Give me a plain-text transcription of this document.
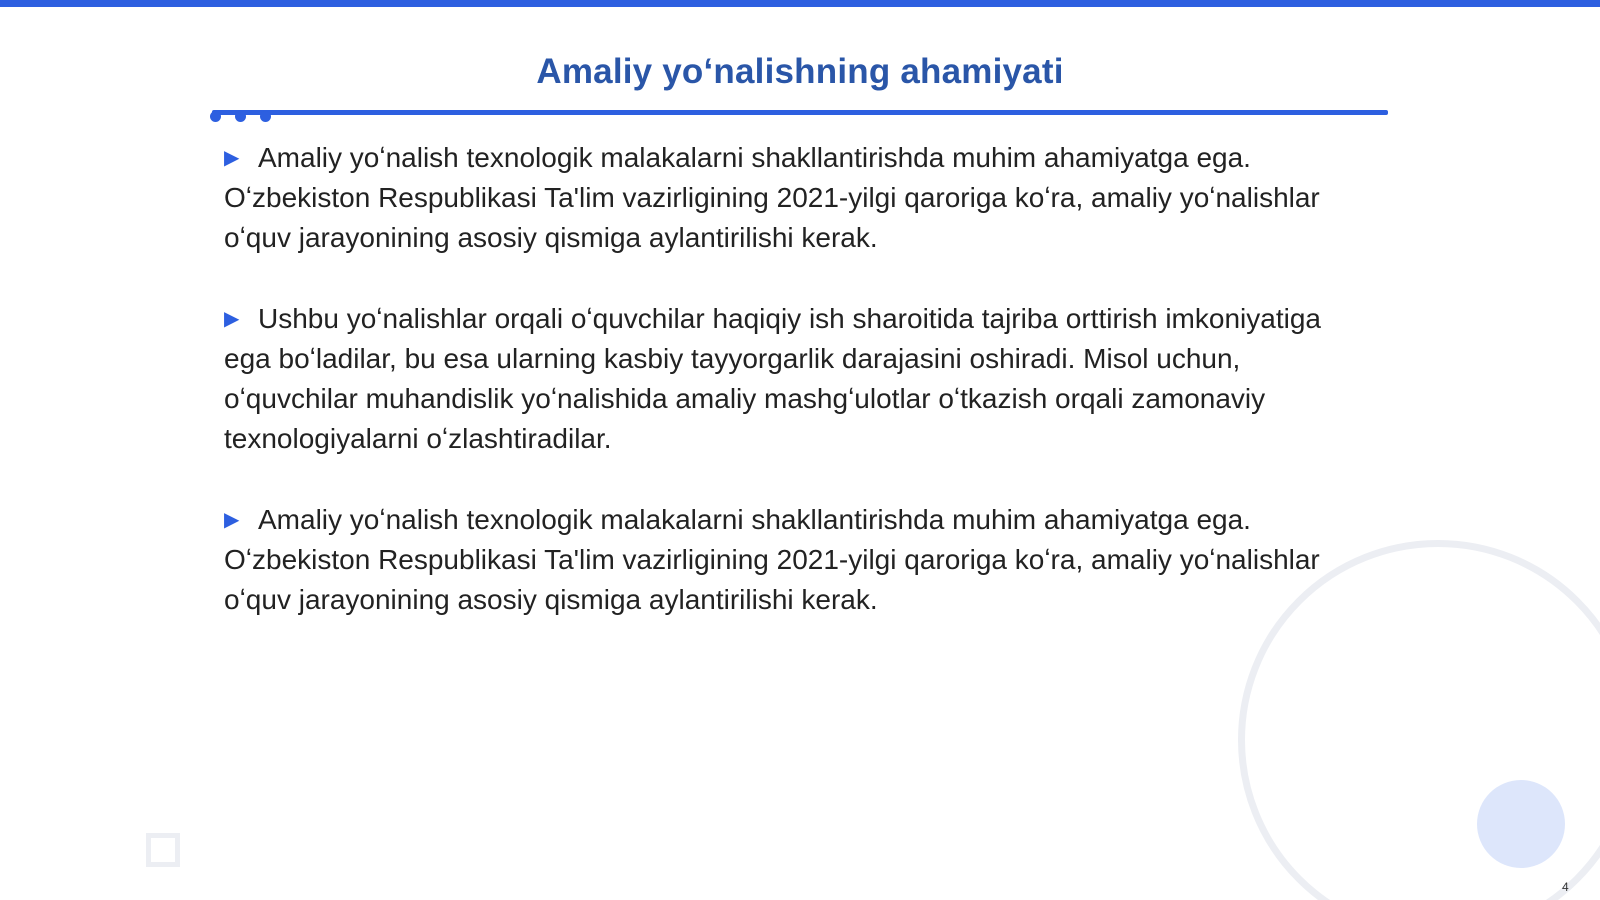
Amaliy yoʻnalishning ahamiyati

▶ Amaliy yoʻnalish texnologik malakalarni shakllantirishda muhim ahamiyatga ega. Oʻzbekiston Respublikasi Ta'lim vazirligining 2021-yilgi qaroriga koʻra, amaliy yoʻnalishlar oʻquv jarayonining asosiy qismiga aylantirilishi kerak.

▶ Ushbu yoʻnalishlar orqali oʻquvchilar haqiqiy ish sharoitida tajriba orttirish imkoniyatiga ega boʻladilar, bu esa ularning kasbiy tayyorgarlik darajasini oshiradi. Misol uchun, oʻquvchilar muhandislik yoʻnalishida amaliy mashgʻulotlar oʻtkazish orqali zamonaviy texnologiyalarni oʻzlashtiradilar.

▶ Amaliy yoʻnalish texnologik malakalarni shakllantirishda muhim ahamiyatga ega. Oʻzbekiston Respublikasi Ta'lim vazirligining 2021-yilgi qaroriga koʻra, amaliy yoʻnalishlar oʻquv jarayonining asosiy qismiga aylantirilishi kerak.

4
